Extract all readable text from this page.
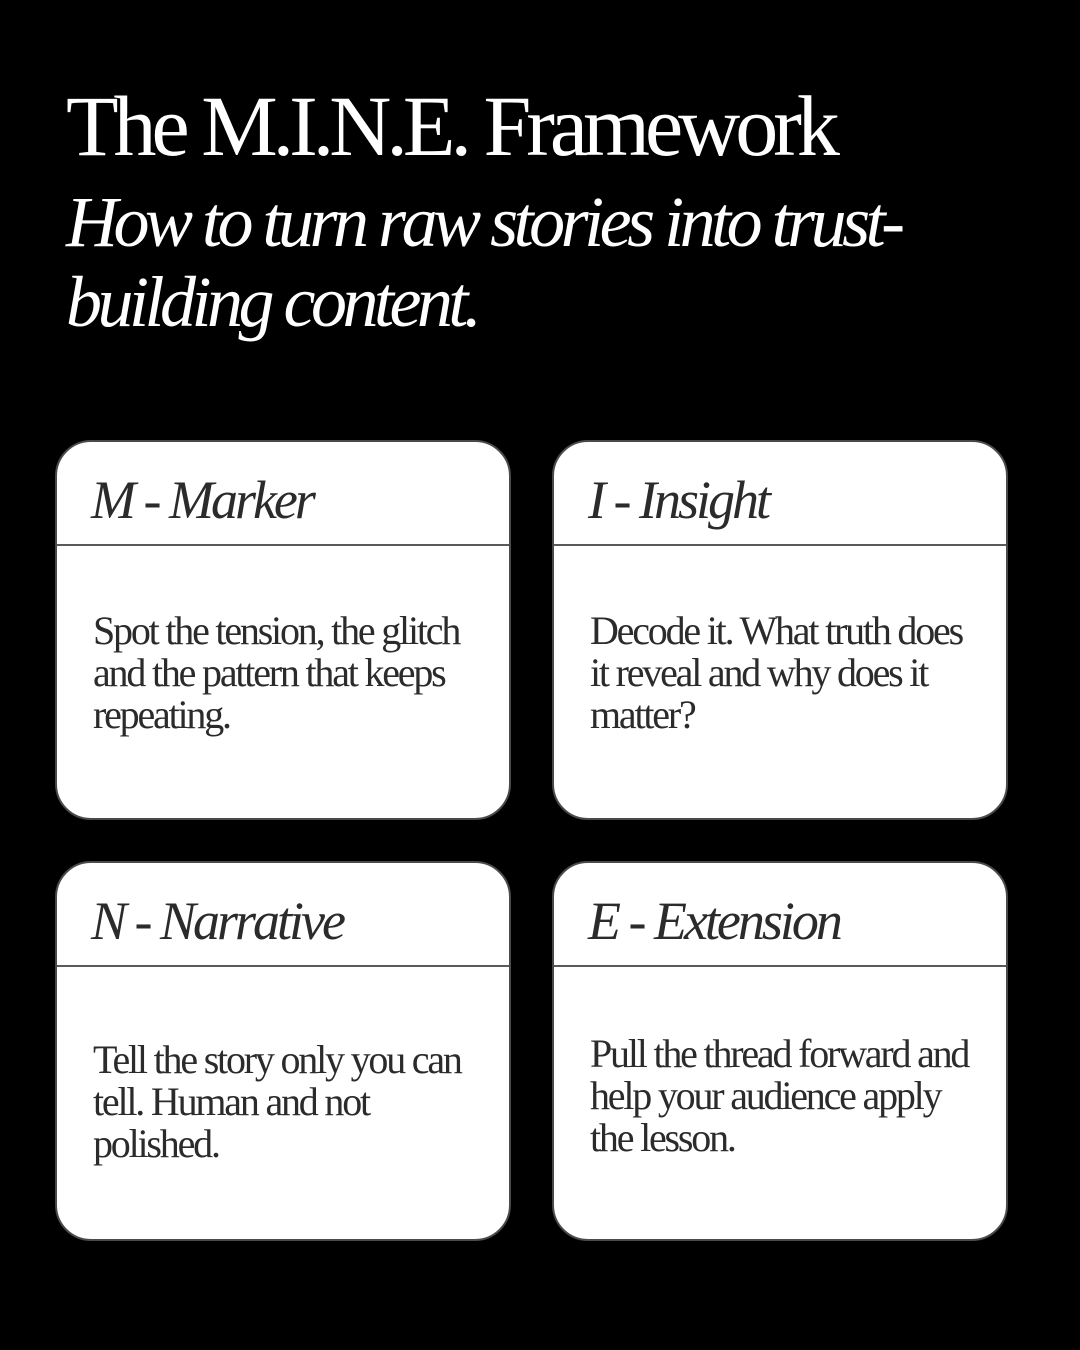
The M.I.N.E. Framework
How to turn raw stories into trust-building content.
M - Marker
Spot the tension, the glitch and the pattern that keeps repeating.
I - Insight
Decode it. What truth does it reveal and why does it matter?
N - Narrative
Tell the story only you can tell. Human and not polished.
E - Extension
Pull the thread forward and help your audience apply the lesson.
